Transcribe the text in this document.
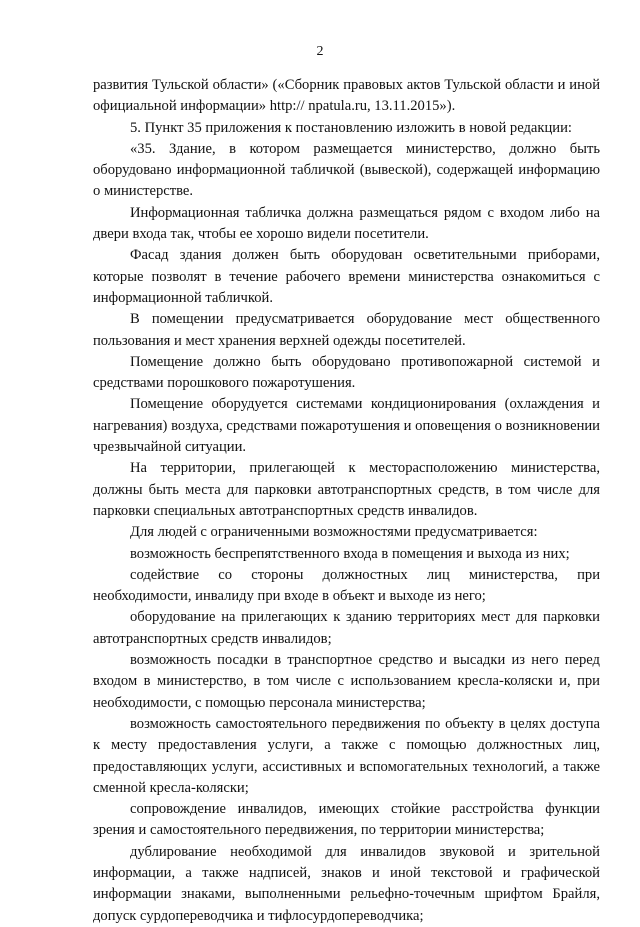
2

развития Тульской области» («Сборник правовых актов Тульской области и иной официальной информации» http:// npatula.ru, 13.11.2015»).

5. Пункт 35 приложения к постановлению изложить в новой редакции:

«35. Здание, в котором размещается министерство, должно быть оборудовано информационной табличкой (вывеской), содержащей информацию о министерстве.

Информационная табличка должна размещаться рядом с входом либо на двери входа так, чтобы ее хорошо видели посетители.

Фасад здания должен быть оборудован осветительными приборами, которые позволят в течение рабочего времени министерства ознакомиться с информационной табличкой.

В помещении предусматривается оборудование мест общественного пользования и мест хранения верхней одежды посетителей.

Помещение должно быть оборудовано противопожарной системой и средствами порошкового пожаротушения.

Помещение оборудуется системами кондиционирования (охлаждения и нагревания) воздуха, средствами пожаротушения и оповещения о возникновении чрезвычайной ситуации.

На территории, прилегающей к месторасположению министерства, должны быть места для парковки автотранспортных средств, в том числе для парковки специальных автотранспортных средств инвалидов.

Для людей с ограниченными возможностями предусматривается:

возможность беспрепятственного входа в помещения и выхода из них;

содействие со стороны должностных лиц министерства, при необходимости, инвалиду при входе в объект и выходе из него;

оборудование на прилегающих к зданию территориях мест для парковки автотранспортных средств инвалидов;

возможность посадки в транспортное средство и высадки из него перед входом в министерство, в том числе с использованием кресла-коляски и, при необходимости, с помощью персонала министерства;

возможность самостоятельного передвижения по объекту в целях доступа к месту предоставления услуги, а также с помощью должностных лиц, предоставляющих услуги, ассистивных и вспомогательных технологий, а также сменной кресла-коляски;

сопровождение инвалидов, имеющих стойкие расстройства функции зрения и самостоятельного передвижения, по территории министерства;

дублирование необходимой для инвалидов звуковой и зрительной информации, а также надписей, знаков и иной текстовой и графической информации знаками, выполненными рельефно-точечным шрифтом Брайля, допуск сурдопереводчика и тифлосурдопереводчика;
